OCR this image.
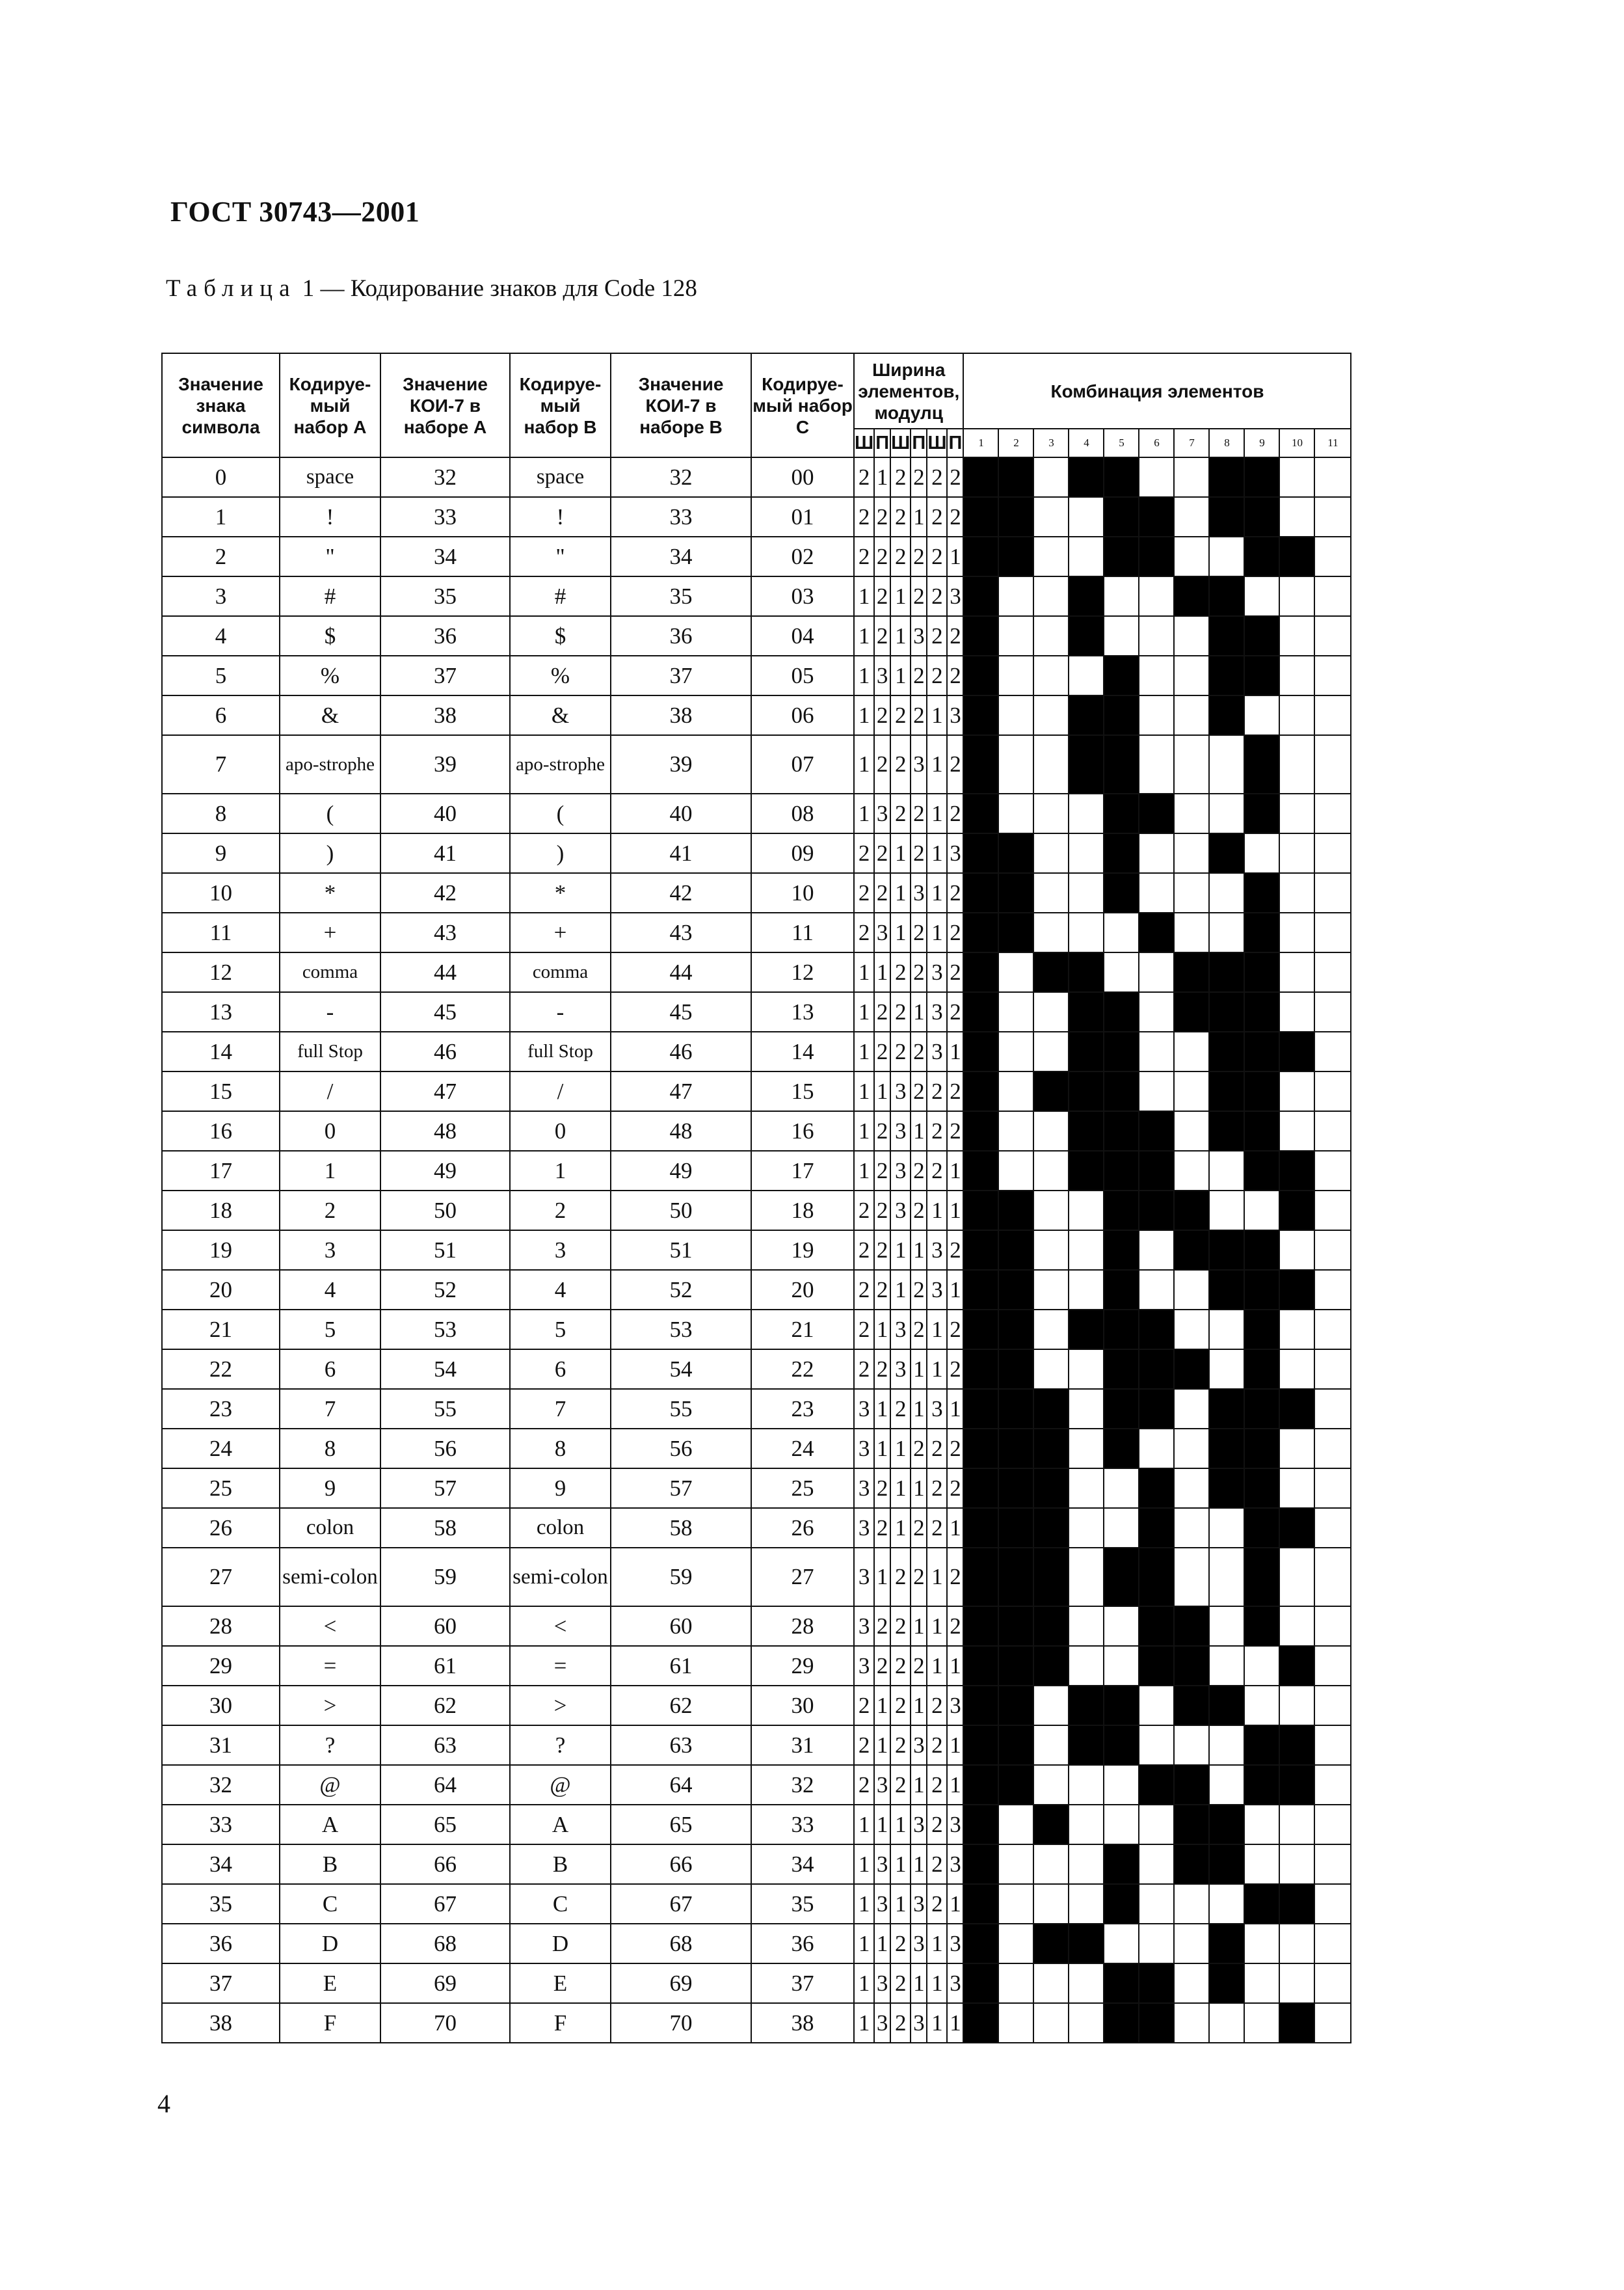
ГОСТ 30743—2001
Таблица 1 — Кодирование знаков для Code 128
Значение знака символа	Кодируе-мый набор А	Значение КОИ-7 в наборе А	Кодируе-мый набор В	Значение КОИ-7 в наборе В	Кодируе-мый набор С	Ширина элементов, модулц						Комбинация элементов										
						Ш	П	Ш	П	Ш	П	1	2	3	4	5	6	7	8	9	10	11
0	space	32	space	32	00	2	1	2	2	2	2											
1	!	33	!	33	01	2	2	2	1	2	2											
2	"	34	"	34	02	2	2	2	2	2	1											
3	#	35	#	35	03	1	2	1	2	2	3											
4	$	36	$	36	04	1	2	1	3	2	2											
5	%	37	%	37	05	1	3	1	2	2	2											
6	&	38	&	38	06	1	2	2	2	1	3											
7	apo-strophe	39	apo-strophe	39	07	1	2	2	3	1	2											
8	(	40	(	40	08	1	3	2	2	1	2											
9	)	41	)	41	09	2	2	1	2	1	3											
10	*	42	*	42	10	2	2	1	3	1	2											
11	+	43	+	43	11	2	3	1	2	1	2											
12	comma	44	comma	44	12	1	1	2	2	3	2											
13	-	45	-	45	13	1	2	2	1	3	2											
14	full Stop	46	full Stop	46	14	1	2	2	2	3	1											
15	/	47	/	47	15	1	1	3	2	2	2											
16	0	48	0	48	16	1	2	3	1	2	2											
17	1	49	1	49	17	1	2	3	2	2	1											
18	2	50	2	50	18	2	2	3	2	1	1											
19	3	51	3	51	19	2	2	1	1	3	2											
20	4	52	4	52	20	2	2	1	2	3	1											
21	5	53	5	53	21	2	1	3	2	1	2											
22	6	54	6	54	22	2	2	3	1	1	2											
23	7	55	7	55	23	3	1	2	1	3	1											
24	8	56	8	56	24	3	1	1	2	2	2											
25	9	57	9	57	25	3	2	1	1	2	2											
26	colon	58	colon	58	26	3	2	1	2	2	1											
27	semi-colon	59	semi-colon	59	27	3	1	2	2	1	2											
28	<	60	<	60	28	3	2	2	1	1	2											
29	=	61	=	61	29	3	2	2	2	1	1											
30	>	62	>	62	30	2	1	2	1	2	3											
31	?	63	?	63	31	2	1	2	3	2	1											
32	@	64	@	64	32	2	3	2	1	2	1											
33	A	65	A	65	33	1	1	1	3	2	3											
34	B	66	B	66	34	1	3	1	1	2	3											
35	C	67	C	67	35	1	3	1	3	2	1											
36	D	68	D	68	36	1	1	2	3	1	3											
37	E	69	E	69	37	1	3	2	1	1	3											
38	F	70	F	70	38	1	3	2	3	1	1											
4
